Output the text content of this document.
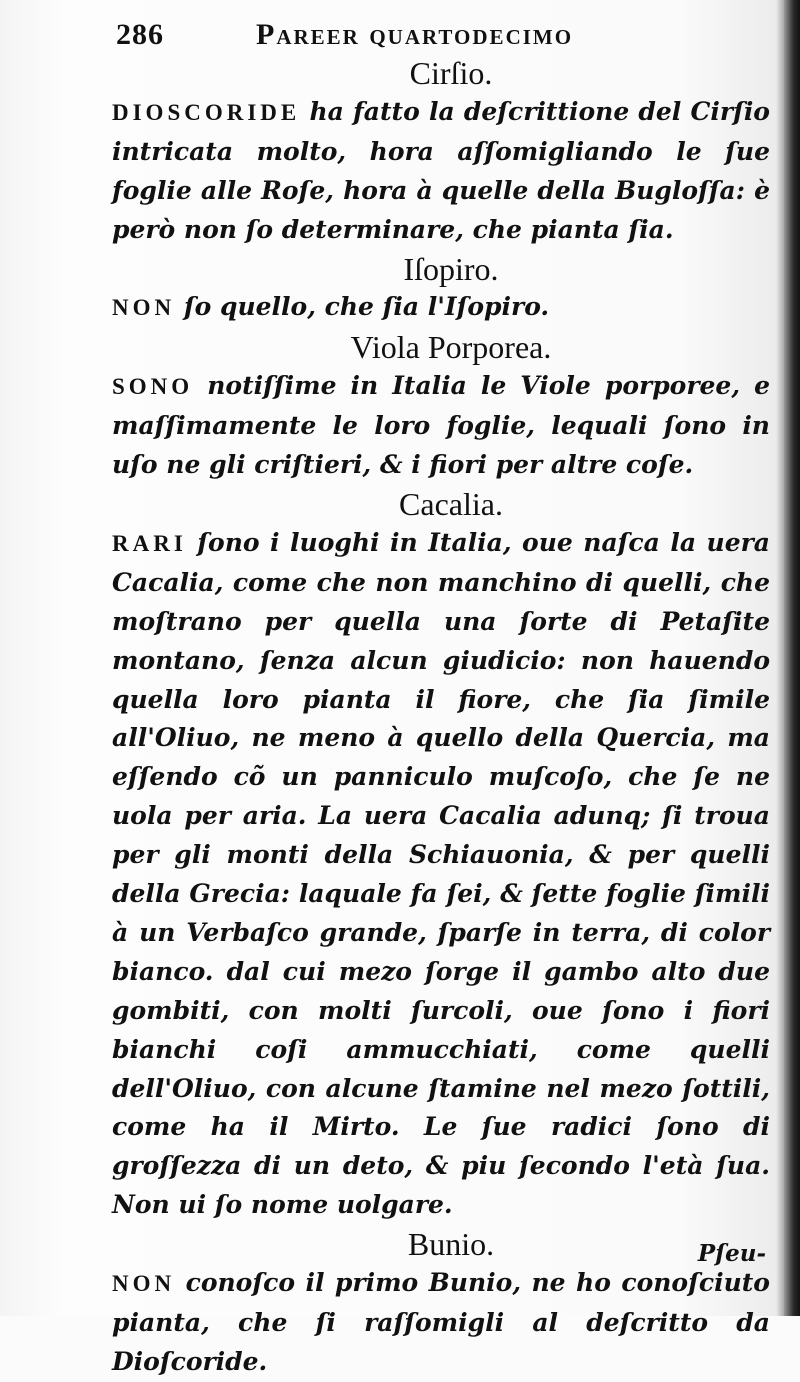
286	Pareer quartodecimo
Cirſio.
DIOSCORIDE ha fatto la deſcrittione del Cirſio intricata molto, hora aſſomigliando le ſue foglie alle Roſe, hora à quelle della Bugloſſa: è però non ſo determinare, che pianta ſia.
Iſopiro.
NON ſo quello, che ſia l'Iſopiro.
Viola Porporea.
SONO notiſſime in Italia le Viole porporee, e maſſimamente le loro foglie, lequali ſono in uſo ne gli criſtieri, & i fiori per altre coſe.
Cacalia.
RARI ſono i luoghi in Italia, oue naſca la uera Cacalia, come che non manchino di quelli, che moſtrano per quella una ſorte di Petaſite montano, ſenza alcun giudicio: non hauendo quella loro pianta il fiore, che ſia ſimile all'Oliuo, ne meno à quello della Quercia, ma eſſendo cõ un panniculo muſcoſo, che ſe ne uola per aria. La uera Cacalia adunq; ſi troua per gli monti della Schiauonia, & per quelli della Grecia: laquale fa ſei, & ſette foglie ſimili à un Verbaſco grande, ſparſe in terra, di color bianco. dal cui mezo ſorge il gambo alto due gombiti, con molti ſurcoli, oue ſono i fiori bianchi coſi ammucchiati, come quelli dell'Oliuo, con alcune ſtamine nel mezo ſottili, come ha il Mirto. Le ſue radici ſono di groſſezza di un deto, & piu ſecondo l'età ſua. Non ui ſo nome uolgare.
Bunio.
NON conoſco il primo Bunio, ne ho conoſciuto pianta, che ſi raſſomigli al deſcritto da Dioſcoride.
Pſeu-
